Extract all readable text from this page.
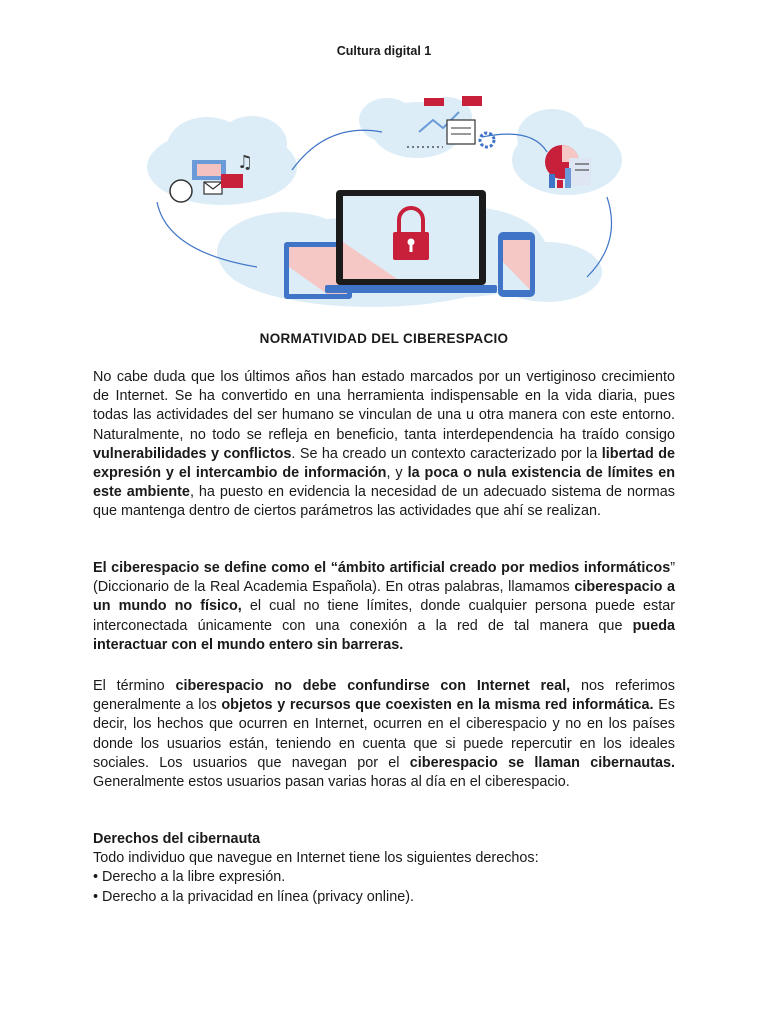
Cultura digital 1
♫
NORMATIVIDAD DEL CIBERESPACIO

No cabe duda que los últimos años han estado marcados por un vertiginoso crecimiento de Internet. Se ha convertido en una herramienta indispensable en la vida diaria, pues todas las actividades del ser humano se vinculan de una u otra manera con este entorno. Naturalmente, no todo se refleja en beneficio, tanta interdependencia ha traído consigo vulnerabilidades y conflictos. Se ha creado un contexto caracterizado por la libertad de expresión y el intercambio de información, y la poca o nula existencia de límites en este ambiente, ha puesto en evidencia la necesidad de un adecuado sistema de normas que mantenga dentro de ciertos parámetros las actividades que ahí se realizan.

El ciberespacio se define como el “ámbito artificial creado por medios informáticos” (Diccionario de la Real Academia Española). En otras palabras, llamamos ciberespacio a un mundo no físico, el cual no tiene límites, donde cualquier persona puede estar interconectada únicamente con una conexión a la red de tal manera que pueda interactuar con el mundo entero sin barreras.

El término ciberespacio no debe confundirse con Internet real, nos referimos generalmente a los objetos y recursos que coexisten en la misma red informática. Es decir, los hechos que ocurren en Internet, ocurren en el ciberespacio y no en los países donde los usuarios están, teniendo en cuenta que si puede repercutir en los ideales sociales. Los usuarios que navegan por el ciberespacio se llaman cibernautas. Generalmente estos usuarios pasan varias horas al día en el ciberespacio.

Derechos del cibernauta

Todo individuo que navegue en Internet tiene los siguientes derechos:

• Derecho a la libre expresión.

• Derecho a la privacidad en línea (privacy online).
